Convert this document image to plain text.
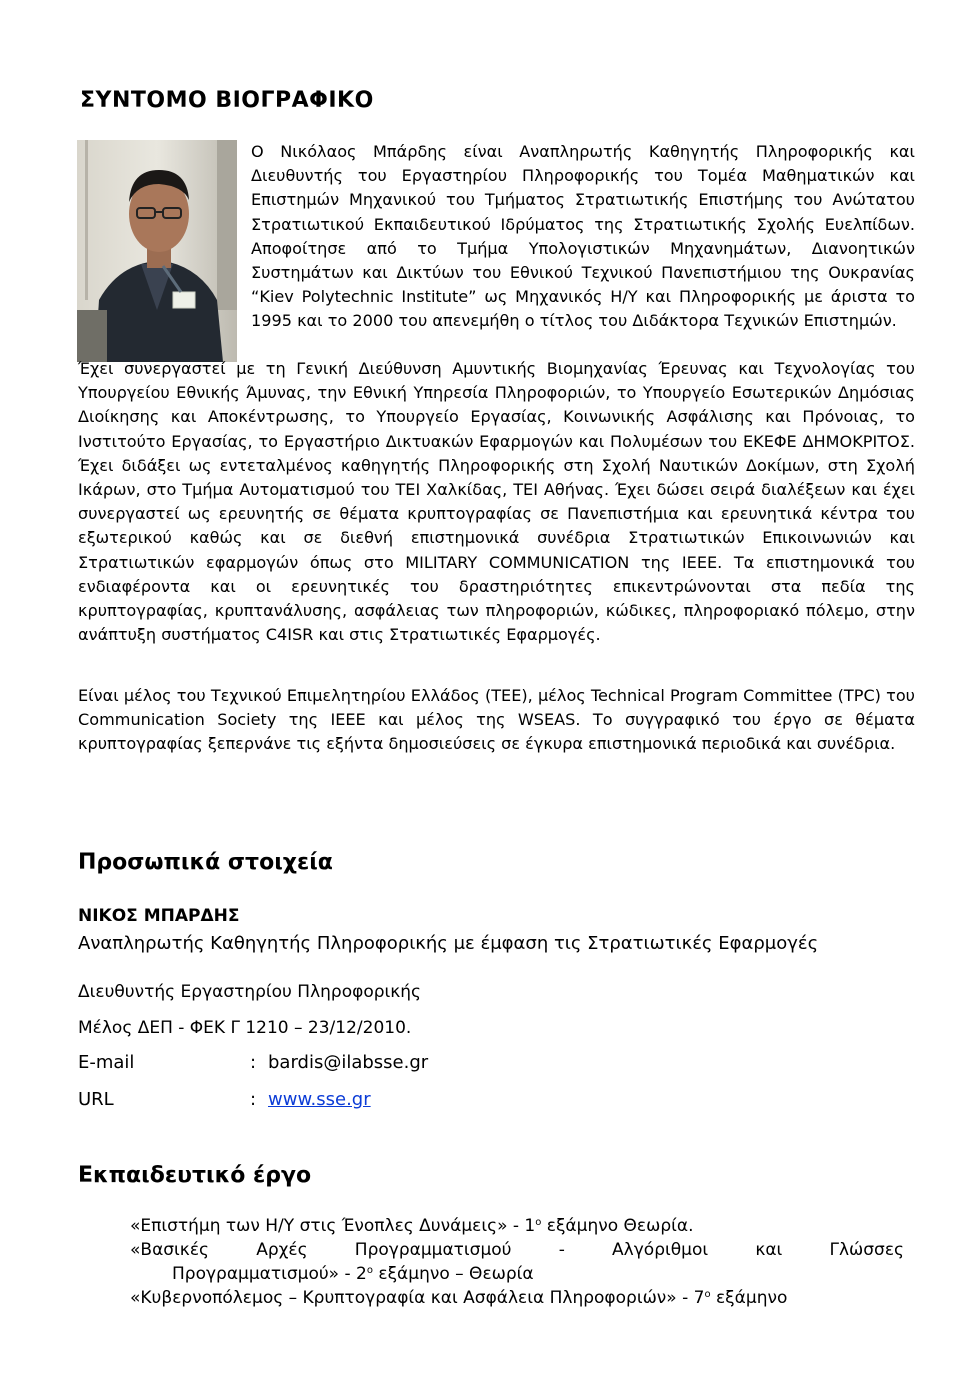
ΣΥΝΤΟΜΟ ΒΙΟΓΡΑΦΙΚΟ

Ο Νικόλαος Μπάρδης είναι Αναπληρωτής Καθηγητής Πληροφορικής και Διευθυντής του Εργαστηρίου Πληροφορικής του Τομέα Μαθηματικών και Επιστημών Μηχανικού του Τμήματος Στρατιωτικής Επιστήμης του Ανώτατου Στρατιωτικού Εκπαιδευτικού Ιδρύματος της Στρατιωτικής Σχολής Ευελπίδων. Αποφοίτησε από το Τμήμα Υπολογιστικών Μηχανημάτων, Διανοητικών Συστημάτων και Δικτύων του Εθνικού Τεχνικού Πανεπιστήμιου της Ουκρανίας “Kiev Polytechnic Institute” ως Μηχανικός Η/Υ και Πληροφορικής με άριστα το 1995 και το 2000 του απενεμήθη ο τίτλος του Διδάκτορα Τεχνικών Επιστημών.

Έχει συνεργαστεί με τη Γενική Διεύθυνση Αμυντικής Βιομηχανίας Έρευνας και Τεχνολογίας του Υπουργείου Εθνικής Άμυνας, την Εθνική Υπηρεσία Πληροφοριών, το Υπουργείο Εσωτερικών Δημόσιας Διοίκησης και Αποκέντρωσης, το Υπουργείο Εργασίας, Κοινωνικής Ασφάλισης και Πρόνοιας, το Ινστιτούτο Εργασίας, το Εργαστήριο Δικτυακών Εφαρμογών και Πολυμέσων του ΕΚΕΦΕ ΔΗΜΟΚΡΙΤΟΣ. Έχει διδάξει ως εντεταλμένος καθηγητής Πληροφορικής στη Σχολή Ναυτικών Δοκίμων, στη Σχολή Ικάρων, στο Τμήμα Αυτοματισμού του ΤΕΙ Χαλκίδας, ΤΕΙ Αθήνας. Έχει δώσει σειρά διαλέξεων και έχει συνεργαστεί ως ερευνητής σε θέματα κρυπτογραφίας σε Πανεπιστήμια και ερευνητικά κέντρα του εξωτερικού καθώς και σε διεθνή επιστημονικά συνέδρια Στρατιωτικών Επικοινωνιών και Στρατιωτικών εφαρμογών όπως στο MILITARY COMMUNICATION της IEEE. Τα επιστημονικά του ενδιαφέροντα και οι ερευνητικές του δραστηριότητες επικεντρώνονται στα πεδία της κρυπτογραφίας, κρυπτανάλυσης, ασφάλειας των πληροφοριών, κώδικες, πληροφοριακό πόλεμο, στην ανάπτυξη συστήματος C4ISR και στις Στρατιωτικές Εφαρμογές.

Είναι μέλος του Τεχνικού Επιμελητηρίου Ελλάδος (ΤΕΕ), μέλος Technical Program Committee (TPC) του Communication Society της IEEE και μέλος της WSEAS. Το συγγραφικό του έργο σε θέματα κρυπτογραφίας ξεπερνάνε τις εξήντα δημοσιεύσεις σε έγκυρα επιστημονικά περιοδικά και συνέδρια.

Προσωπικά στοιχεία

ΝΙΚΟΣ ΜΠΑΡΔΗΣ

Αναπληρωτής Καθηγητής Πληροφορικής με έμφαση τις Στρατιωτικές Εφαρμογές

Διευθυντής Εργαστηρίου Πληροφορικής

Μέλος ΔΕΠ - ΦΕΚ Γ 1210 – 23/12/2010.

E-mail	: bardis@ilabsse.gr
URL	: www.sse.gr
Εκπαιδευτικό έργο

«Επιστήμη των Η/Υ στις Ένοπλες Δυνάμεις» - $1^o$ εξάμηνο Θεωρία.

«Βασικές Αρχές Προγραμματισμού - Αλγόριθμοι και Γλώσσες

Προγραμματισμού» - $2^o$ εξάμηνο – Θεωρία

«Κυβερνοπόλεμος – Κρυπτογραφία και Ασφάλεια Πληροφοριών» - $7^o$ εξάμηνο
